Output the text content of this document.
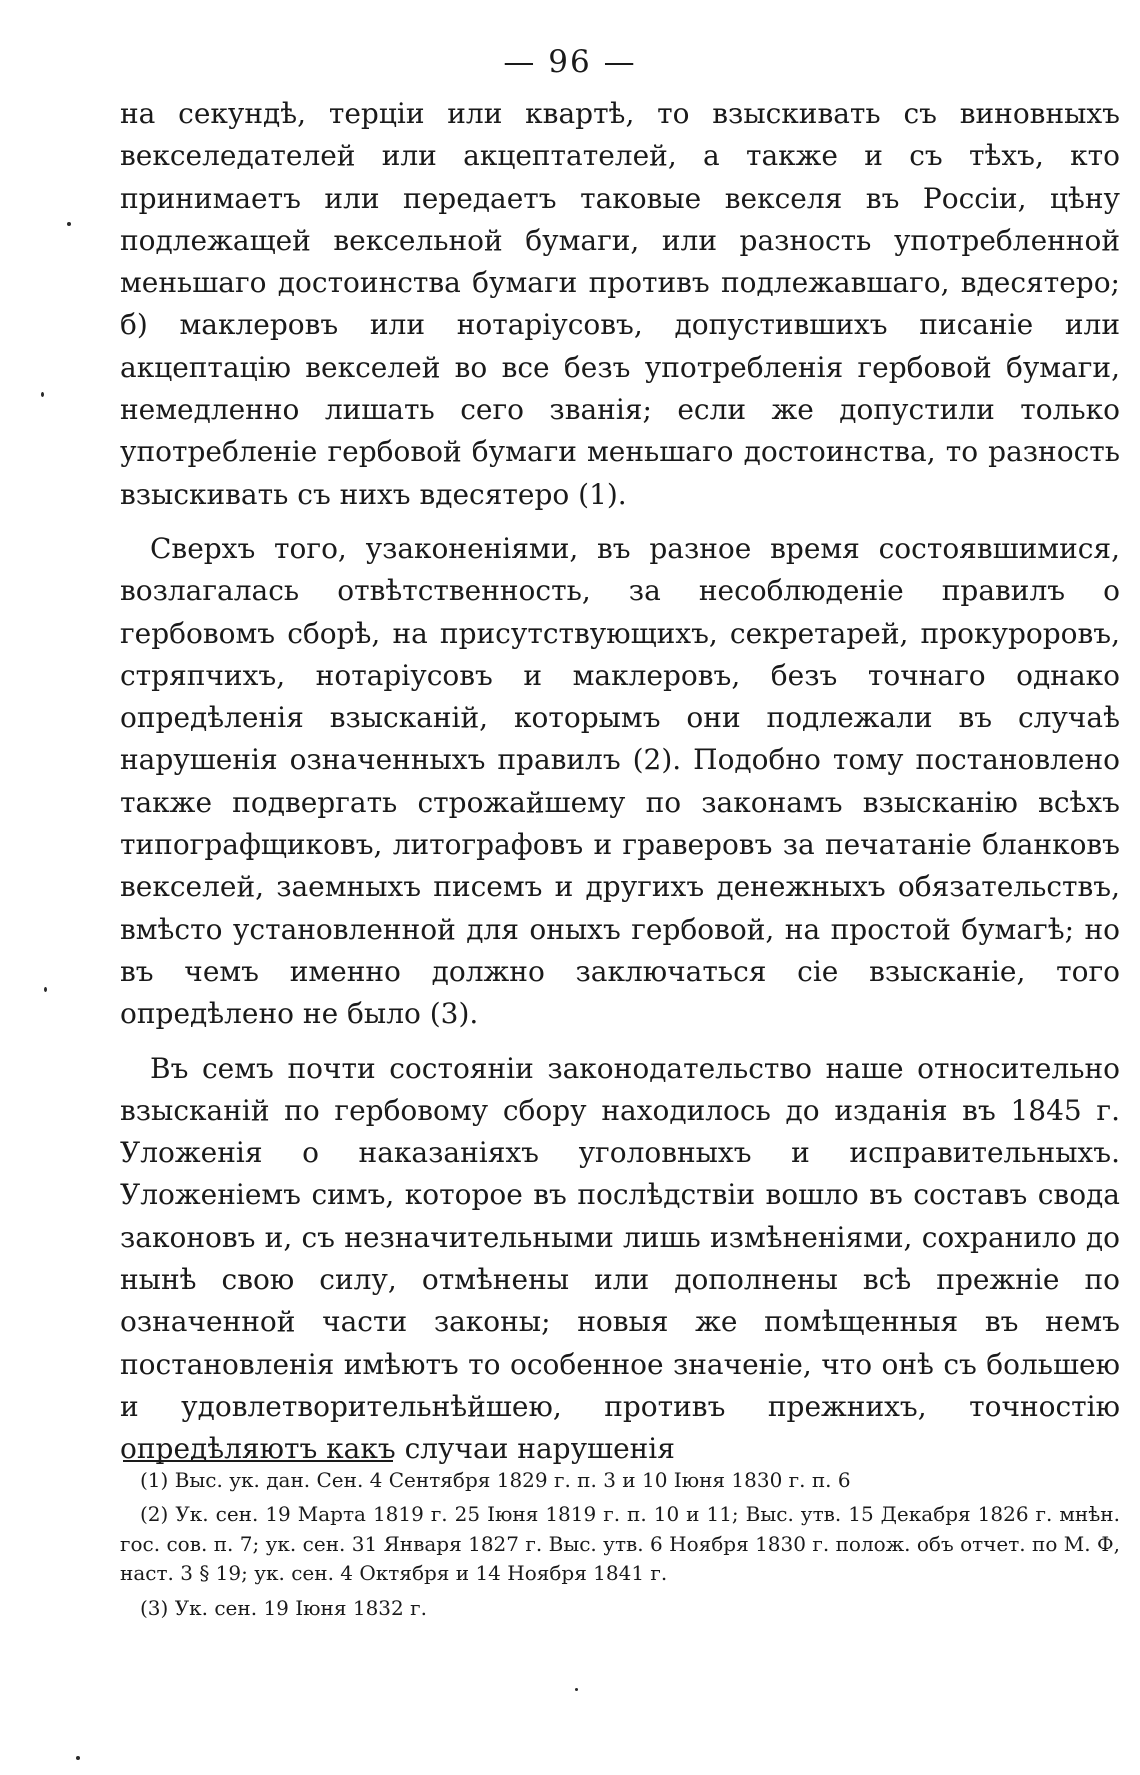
— 96 —

на секундѣ, терціи или квартѣ, то взыскивать съ виновныхъ векселедателей или акцептателей, а также и съ тѣхъ, кто принимаетъ или передаетъ таковые векселя въ Россіи, цѣну подлежащей вексельной бумаги, или разность употребленной меньшаго достоинства бумаги противъ подлежавшаго, вдесятеро; б) маклеровъ или нотаріусовъ, допустившихъ писаніе или акцептацію векселей во все безъ употребленія гербовой бумаги, немедленно лишать сего званія; если же допустили только употребленіе гербовой бумаги меньшаго достоинства, то разность взыскивать съ нихъ вдесятеро (1).

Сверхъ того, узаконеніями, въ разное время состоявшимися, возлагалась отвѣтственность, за несоблюденіе правилъ о гербовомъ сборѣ, на присутствующихъ, секретарей, прокуроровъ, стряпчихъ, нотаріусовъ и маклеровъ, безъ точнаго однако опредѣленія взысканій, которымъ они подлежали въ случаѣ нарушенія означенныхъ правилъ (2). Подобно тому постановлено также подвергать строжайшему по законамъ взысканію всѣхъ типографщиковъ, литографовъ и граверовъ за печатаніе бланковъ векселей, заемныхъ писемъ и другихъ денежныхъ обязательствъ, вмѣсто установленной для оныхъ гербовой, на простой бумагѣ; но въ чемъ именно должно заключаться сіе взысканіе, того опредѣлено не было (3).

Въ семъ почти состояніи законодательство наше относительно взысканій по гербовому сбору находилось до изданія въ 1845 г. Уложенія о наказаніяхъ уголовныхъ и исправительныхъ. Уложеніемъ симъ, которое въ послѣдствіи вошло въ составъ свода законовъ и, съ незначительными лишь измѣненіями, сохранило до нынѣ свою силу, отмѣнены или дополнены всѣ прежніе по означенной части законы; новыя же помѣщенныя въ немъ постановленія имѣютъ то особенное значеніе, что онѣ съ большею и удовлетворительнѣйшею, противъ прежнихъ, точностію опредѣляютъ какъ случаи нарушенія

(1) Выс. ук. дан. Сен. 4 Сентября 1829 г. п. 3 и 10 Іюня 1830 г. п. 6

(2) Ук. сен. 19 Марта 1819 г. 25 Іюня 1819 г. п. 10 и 11; Выс. утв. 15 Декабря 1826 г. мнѣн. гос. сов. п. 7; ук. сен. 31 Января 1827 г. Выс. утв. 6 Ноября 1830 г. полож. объ отчет. по М. Ф, наст. 3 § 19; ук. сен. 4 Октября и 14 Ноября 1841 г.

(3) Ук. сен. 19 Іюня 1832 г.
